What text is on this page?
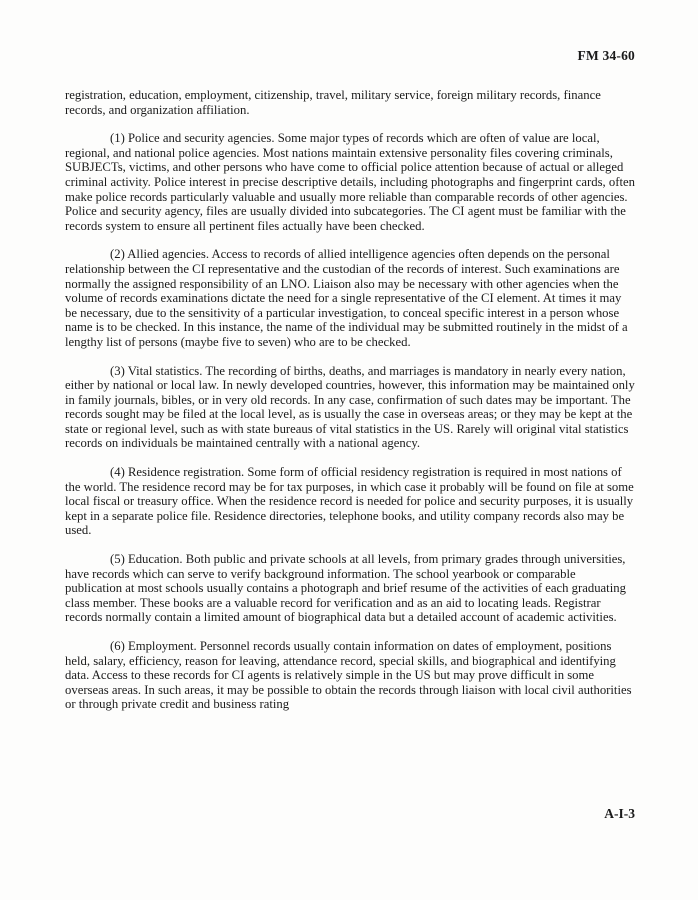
FM 34-60

registration, education, employment, citizenship, travel, military service, foreign military records, finance records, and organization affiliation.

(1) Police and security agencies. Some major types of records which are often of value are local, regional, and national police agencies. Most nations maintain extensive personality files covering criminals, SUBJECTs, victims, and other persons who have come to official police attention because of actual or alleged criminal activity. Police interest in precise descriptive details, including photographs and fingerprint cards, often make police records particularly valuable and usually more reliable than comparable records of other agencies. Police and security agency, files are usually divided into subcategories. The CI agent must be familiar with the records system to ensure all pertinent files actually have been checked.

(2) Allied agencies. Access to records of allied intelligence agencies often depends on the personal relationship between the CI representative and the custodian of the records of interest. Such examinations are normally the assigned responsibility of an LNO. Liaison also may be necessary with other agencies when the volume of records examinations dictate the need for a single representative of the CI element. At times it may be necessary, due to the sensitivity of a particular investigation, to conceal specific interest in a person whose name is to be checked. In this instance, the name of the individual may be submitted routinely in the midst of a lengthy list of persons (maybe five to seven) who are to be checked.

(3) Vital statistics. The recording of births, deaths, and marriages is mandatory in nearly every nation, either by national or local law. In newly developed countries, however, this information may be maintained only in family journals, bibles, or in very old records. In any case, confirmation of such dates may be important. The records sought may be filed at the local level, as is usually the case in overseas areas; or they may be kept at the state or regional level, such as with state bureaus of vital statistics in the US. Rarely will original vital statistics records on individuals be maintained centrally with a national agency.

(4) Residence registration. Some form of official residency registration is required in most nations of the world. The residence record may be for tax purposes, in which case it probably will be found on file at some local fiscal or treasury office. When the residence record is needed for police and security purposes, it is usually kept in a separate police file. Residence directories, telephone books, and utility company records also may be used.

(5) Education. Both public and private schools at all levels, from primary grades through universities, have records which can serve to verify background information. The school yearbook or comparable publication at most schools usually contains a photograph and brief resume of the activities of each graduating class member. These books are a valuable record for verification and as an aid to locating leads. Registrar records normally contain a limited amount of biographical data but a detailed account of academic activities.

(6) Employment. Personnel records usually contain information on dates of employment, positions held, salary, efficiency, reason for leaving, attendance record, special skills, and biographical and identifying data. Access to these records for CI agents is relatively simple in the US but may prove difficult in some overseas areas. In such areas, it may be possible to obtain the records through liaison with local civil authorities or through private credit and business rating

A-I-3
